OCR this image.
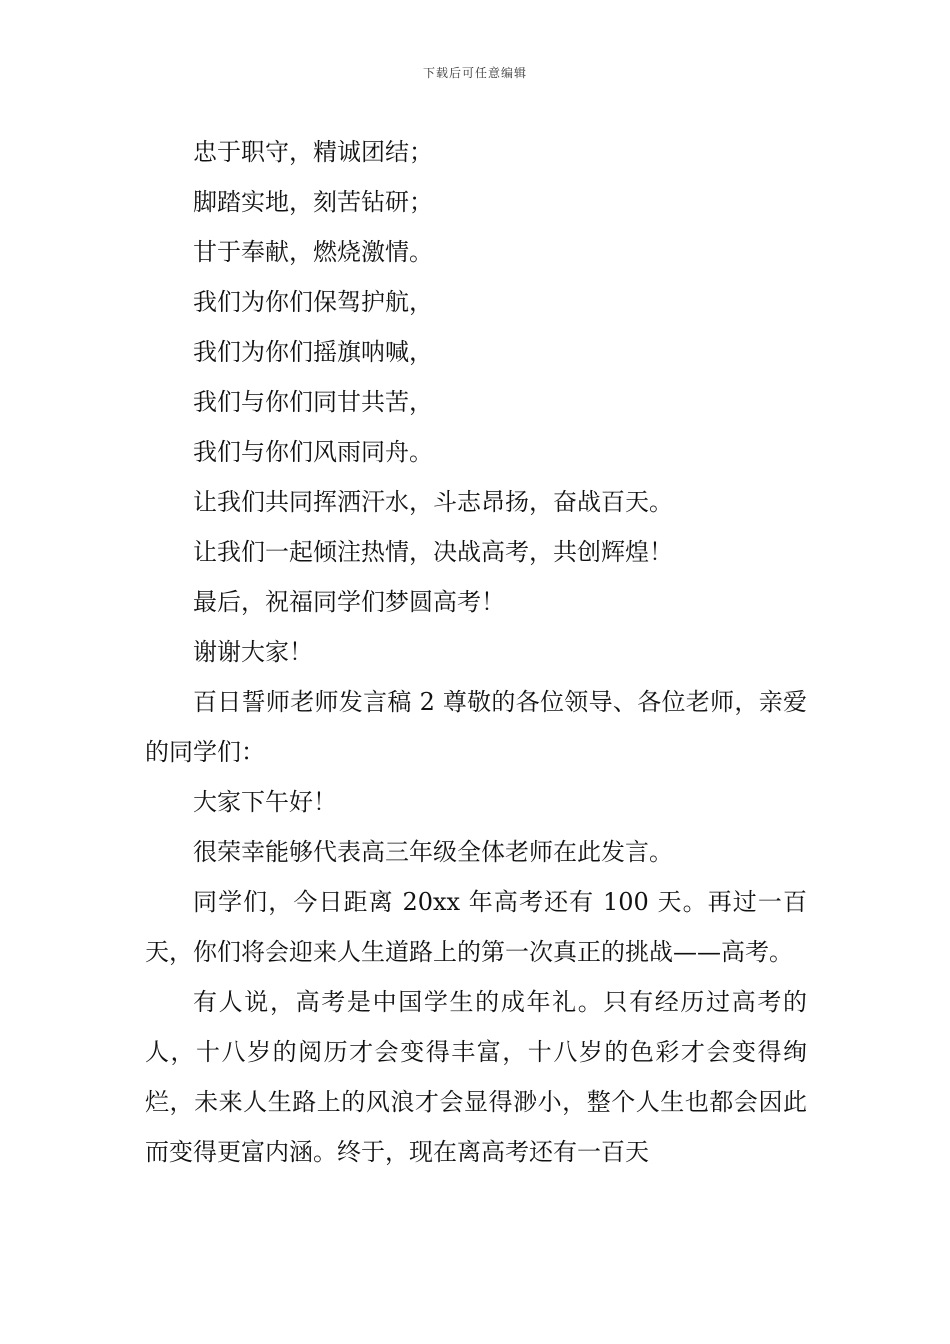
下载后可任意编辑

忠于职守，精诚团结；

脚踏实地，刻苦钻研；

甘于奉献，燃烧激情。

我们为你们保驾护航，

我们为你们摇旗呐喊，

我们与你们同甘共苦，

我们与你们风雨同舟。

让我们共同挥洒汗水，斗志昂扬，奋战百天。

让我们一起倾注热情，决战高考，共创辉煌！

最后，祝福同学们梦圆高考！

谢谢大家！

百日誓师老师发言稿 2 尊敬的各位领导、各位老师，亲爱的同学们：

大家下午好！

很荣幸能够代表高三年级全体老师在此发言。

同学们，今日距离 20xx 年高考还有 100 天。再过一百天，你们将会迎来人生道路上的第一次真正的挑战——高考。

有人说，高考是中国学生的成年礼。只有经历过高考的人，十八岁的阅历才会变得丰富，十八岁的色彩才会变得绚烂，未来人生路上的风浪才会显得渺小，整个人生也都会因此而变得更富内涵。终于，现在离高考还有一百天
